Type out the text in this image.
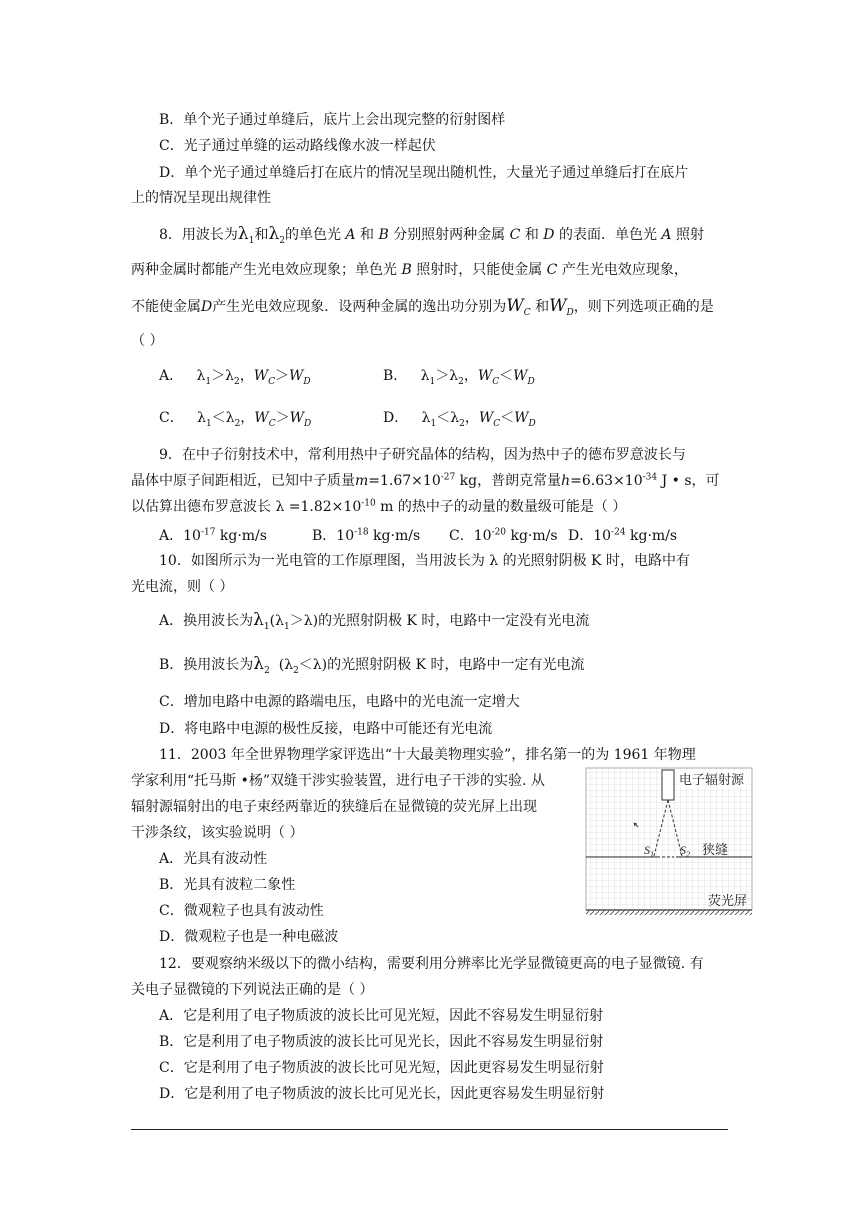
B．单个光子通过单缝后，底片上会出现完整的衍射图样
C．光子通过单缝的运动路线像水波一样起伏
D．单个光子通过单缝后打在底片的情况呈现出随机性，大量光子通过单缝后打在底片
上的情况呈现出规律性
8．用波长为$\lambda_1$和$\lambda_2$的单色光 A 和 B 分别照射两种金属 C 和 D 的表面．单色光 A 照射
两种金属时都能产生光电效应现象；单色光 B 照射时，只能使金属 C 产生光电效应现象，
不能使金属D产生光电效应现象．设两种金属的逸出功分别为$W_C$ 和$W_D$，则下列选项正确的是
（ ）
A． $\lambda_1>\lambda_2$，$W_C>W_D$	B． $\lambda_1>\lambda_2$，$W_C<W_D$
C． $\lambda_1<\lambda_2$，$W_C>W_D$	D． $\lambda_1<\lambda_2$，$W_C<W_D$
9．在中子衍射技术中，常利用热中子研究晶体的结构，因为热中子的德布罗意波长与
晶体中原子间距相近，已知中子质量$m=1.67\times 10^{-27}$ kg，普朗克常量$h=6.63\times 10^{-34}$ J • s，可
以估算出德布罗意波长 $\lambda =1.82\times 10^{-10}$ m 的热中子的动量的数量级可能是（ ）
A．$10^{-17}$ kg·m/s	B．$10^{-18}$ kg·m/s C．$10^{-20}$ kg·m/s D．$10^{-24}$ kg·m/s
10．如图所示为一光电管的工作原理图，当用波长为 λ 的光照射阴极 K 时，电路中有
光电流，则（ ）
A．换用波长为$\lambda_1(\lambda_1>\lambda)$的光照射阴极 K 时，电路中一定没有光电流
B．换用波长为$\lambda_2$  $(\lambda_2<\lambda)$的光照射阴极 K 时，电路中一定有光电流
C．增加电路中电源的路端电压，电路中的光电流一定增大
D．将电路中电源的极性反接，电路中可能还有光电流
11．2003 年全世界物理学家评选出“十大最美物理实验”，排名第一的为 1961 年物理
学家利用“托马斯 •杨”双缝干涉实验装置，进行电子干涉的实验. 从
辐射源辐射出的电子束经两靠近的狭缝后在显微镜的荧光屏上出现
干涉条纹，该实验说明（ ）
A．光具有波动性
B．光具有波粒二象性
C．微观粒子也具有波动性
D．微观粒子也是一种电磁波
电子辐射源
$S_1$ $S_2$ 狭缝
荧光屏
12．要观察纳米级以下的微小结构，需要利用分辨率比光学显微镜更高的电子显微镜. 有
关电子显微镜的下列说法正确的是（ ）
A．它是利用了电子物质波的波长比可见光短，因此不容易发生明显衍射
B．它是利用了电子物质波的波长比可见光长，因此不容易发生明显衍射
C．它是利用了电子物质波的波长比可见光短，因此更容易发生明显衍射
D．它是利用了电子物质波的波长比可见光长，因此更容易发生明显衍射
